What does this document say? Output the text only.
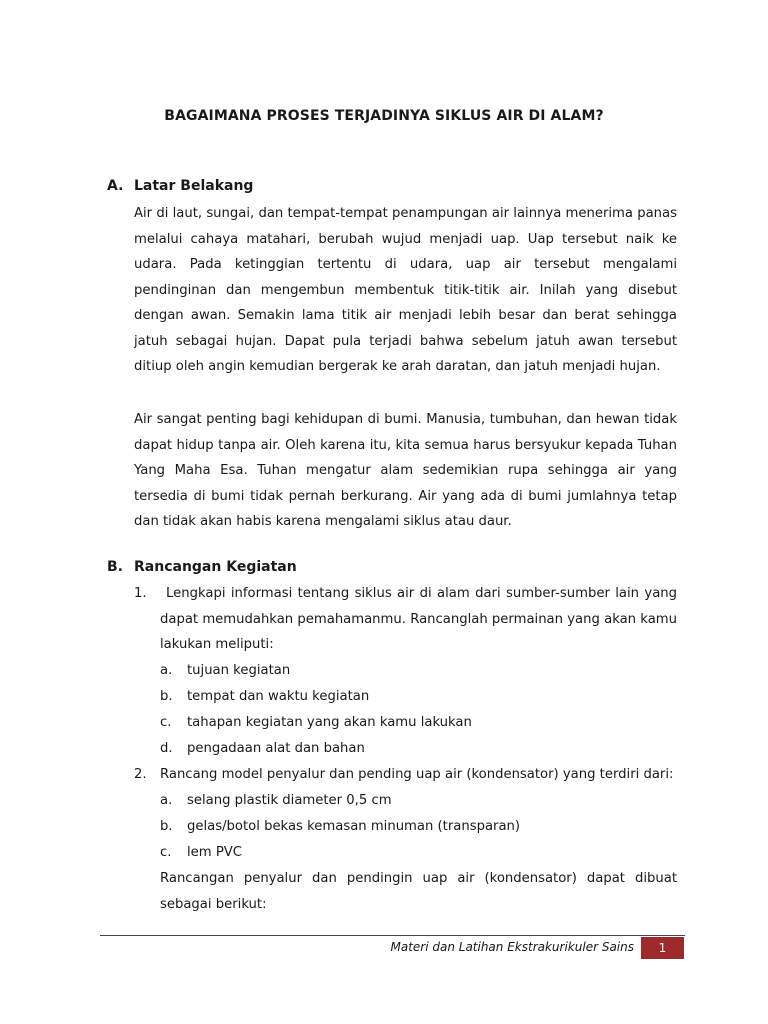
BAGAIMANA PROSES TERJADINYA SIKLUS AIR DI ALAM?
A. Latar Belakang
Air di laut, sungai, dan tempat-tempat penampungan air lainnya menerima panas melalui cahaya matahari, berubah wujud menjadi uap. Uap tersebut naik ke udara. Pada ketinggian tertentu di udara, uap air tersebut mengalami pendinginan dan mengembun membentuk titik-titik air. Inilah yang disebut dengan awan. Semakin lama titik air menjadi lebih besar dan berat sehingga jatuh sebagai hujan. Dapat pula terjadi bahwa sebelum jatuh awan tersebut ditiup oleh angin kemudian bergerak ke arah daratan, dan jatuh menjadi hujan.
Air sangat penting bagi kehidupan di bumi. Manusia, tumbuhan, dan hewan tidak dapat hidup tanpa air. Oleh karena itu, kita semua harus bersyukur kepada Tuhan Yang Maha Esa. Tuhan mengatur alam sedemikian rupa sehingga air yang tersedia di bumi tidak pernah berkurang. Air yang ada di bumi jumlahnya tetap dan tidak akan habis karena mengalami siklus atau daur.
B. Rancangan Kegiatan
1.	Lengkapi informasi tentang siklus air di alam dari sumber-sumber lain yang dapat memudahkan pemahamanmu. Rancanglah permainan yang akan kamu lakukan meliputi:
a. tujuan kegiatan
b. tempat dan waktu kegiatan
c. tahapan kegiatan yang akan kamu lakukan
d. pengadaan alat dan bahan
2. Rancang model penyalur dan pending uap air (kondensator) yang terdiri dari:
a. selang plastik diameter 0,5 cm
b. gelas/botol bekas kemasan minuman (transparan)
c. lem PVC
Rancangan penyalur dan pendingin uap air (kondensator) dapat dibuat sebagai berikut:
Materi dan Latihan Ekstrakurikuler Sains 1
